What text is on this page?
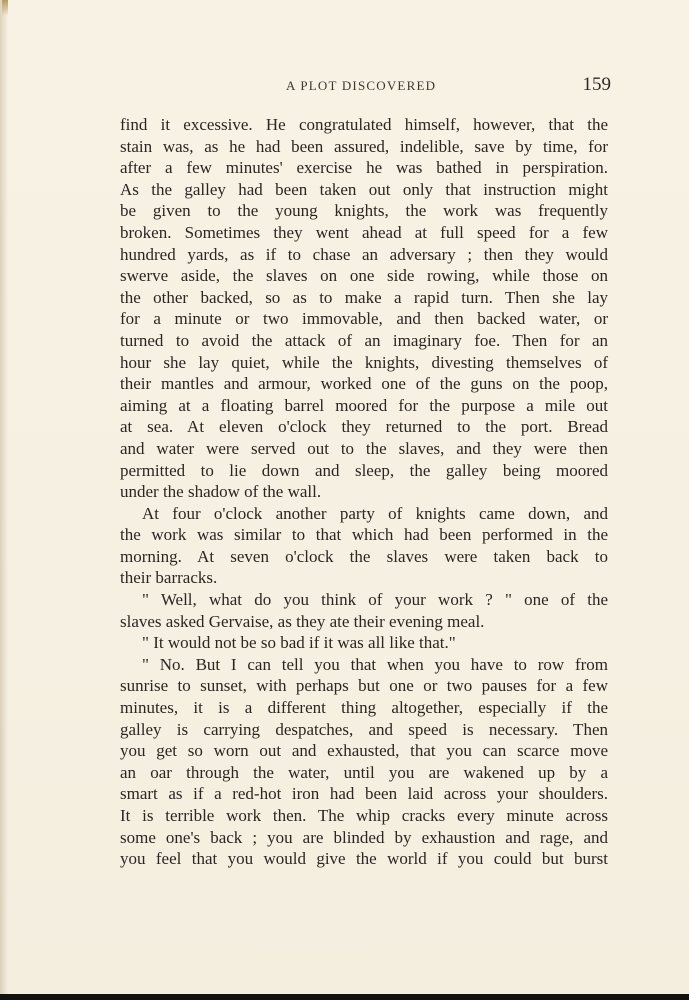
A PLOT DISCOVERED	159
find it excessive. He congratulated himself, however, that the
stain was, as he had been assured, indelible, save by time, for
after a few minutes' exercise he was bathed in perspiration.
As the galley had been taken out only that instruction might
be given to the young knights, the work was frequently
broken. Sometimes they went ahead at full speed for a few
hundred yards, as if to chase an adversary ; then they would
swerve aside, the slaves on one side rowing, while those on
the other backed, so as to make a rapid turn. Then she lay
for a minute or two immovable, and then backed water, or
turned to avoid the attack of an imaginary foe. Then for an
hour she lay quiet, while the knights, divesting themselves of
their mantles and armour, worked one of the guns on the poop,
aiming at a floating barrel moored for the purpose a mile out
at sea. At eleven o'clock they returned to the port. Bread
and water were served out to the slaves, and they were then
permitted to lie down and sleep, the galley being moored
under the shadow of the wall.
At four o'clock another party of knights came down, and
the work was similar to that which had been performed in the
morning. At seven o'clock the slaves were taken back to
their barracks.
" Well, what do you think of your work ? " one of the
slaves asked Gervaise, as they ate their evening meal.
" It would not be so bad if it was all like that."
" No. But I can tell you that when you have to row from
sunrise to sunset, with perhaps but one or two pauses for a few
minutes, it is a different thing altogether, especially if the
galley is carrying despatches, and speed is necessary. Then
you get so worn out and exhausted, that you can scarce move
an oar through the water, until you are wakened up by a
smart as if a red-hot iron had been laid across your shoulders.
It is terrible work then. The whip cracks every minute across
some one's back ; you are blinded by exhaustion and rage, and
you feel that you would give the world if you could but burst
